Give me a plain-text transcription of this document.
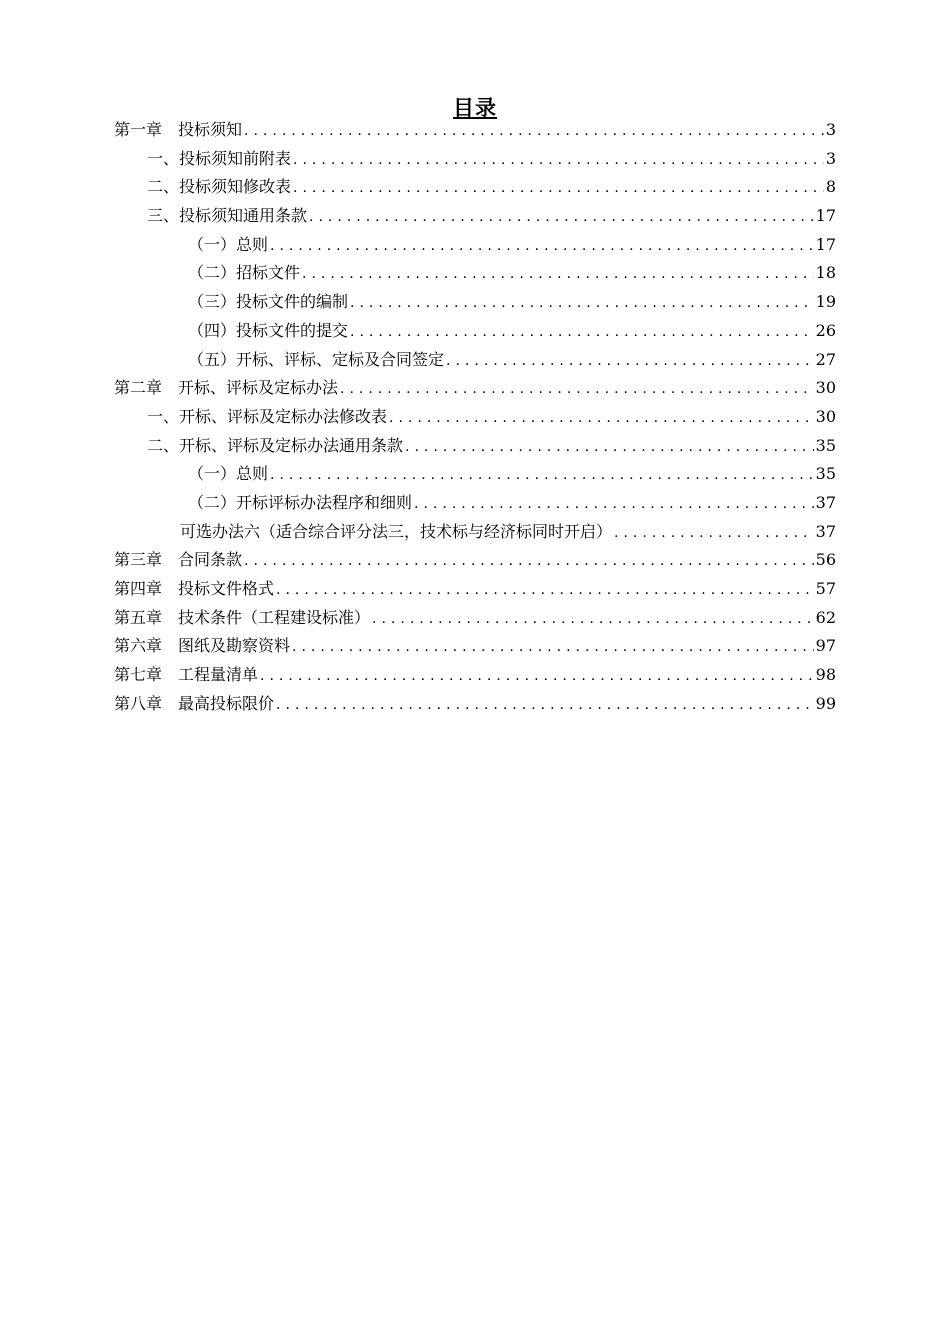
目录
第一章　投标须知 .....	3
一、投标须知前附表 .....	3
二、投标须知修改表 .....	8
三、投标须知通用条款 .....	17
（一）总则 .....	17
（二）招标文件 .....	18
（三）投标文件的编制 .....	19
（四）投标文件的提交 .....	26
（五）开标、评标、定标及合同签定 .....	27
第二章　开标、评标及定标办法 .....	30
一、开标、评标及定标办法修改表 .....	30
二、开标、评标及定标办法通用条款 .....	35
（一）总则 .....	35
（二）开标评标办法程序和细则 .....	37
可选办法六（适合综合评分法三，技术标与经济标同时开启） .....	37
第三章　合同条款 .....	56
第四章　投标文件格式 .....	57
第五章　技术条件（工程建设标准） .....	62
第六章　图纸及勘察资料 .....	97
第七章　工程量清单 .....	98
第八章　最高投标限价 .....	99
